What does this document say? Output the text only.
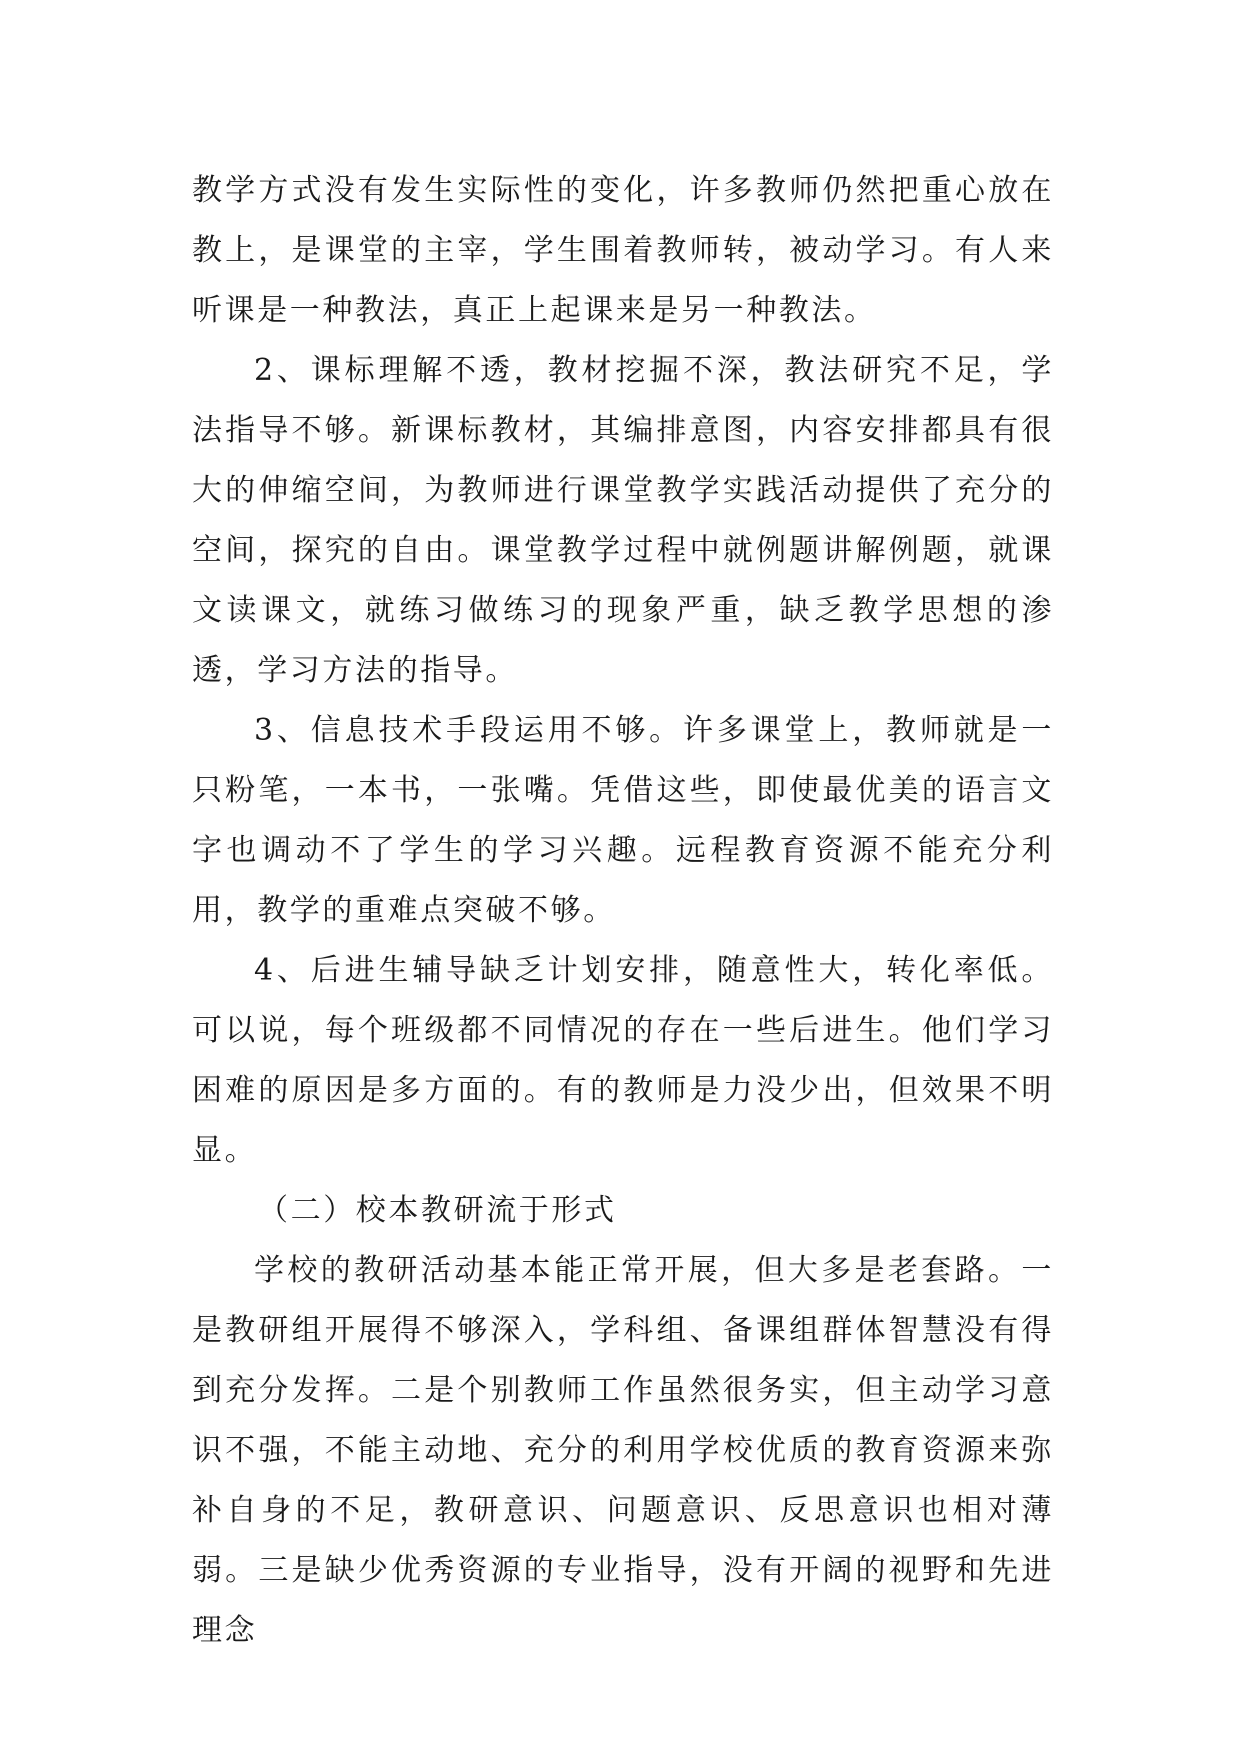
教学方式没有发生实际性的变化，许多教师仍然把重心放在教上，是课堂的主宰，学生围着教师转，被动学习。有人来听课是一种教法，真正上起课来是另一种教法。

2、课标理解不透，教材挖掘不深，教法研究不足，学法指导不够。新课标教材，其编排意图，内容安排都具有很大的伸缩空间，为教师进行课堂教学实践活动提供了充分的空间，探究的自由。课堂教学过程中就例题讲解例题，就课文读课文，就练习做练习的现象严重，缺乏教学思想的渗透，学习方法的指导。

3、信息技术手段运用不够。许多课堂上，教师就是一只粉笔，一本书，一张嘴。凭借这些，即使最优美的语言文字也调动不了学生的学习兴趣。远程教育资源不能充分利用，教学的重难点突破不够。

4、后进生辅导缺乏计划安排，随意性大，转化率低。可以说，每个班级都不同情况的存在一些后进生。他们学习困难的原因是多方面的。有的教师是力没少出，但效果不明显。

（二）校本教研流于形式

学校的教研活动基本能正常开展，但大多是老套路。一是教研组开展得不够深入，学科组、备课组群体智慧没有得到充分发挥。二是个别教师工作虽然很务实，但主动学习意识不强，不能主动地、充分的利用学校优质的教育资源来弥补自身的不足，教研意识、问题意识、反思意识也相对薄弱。三是缺少优秀资源的专业指导，没有开阔的视野和先进理念
